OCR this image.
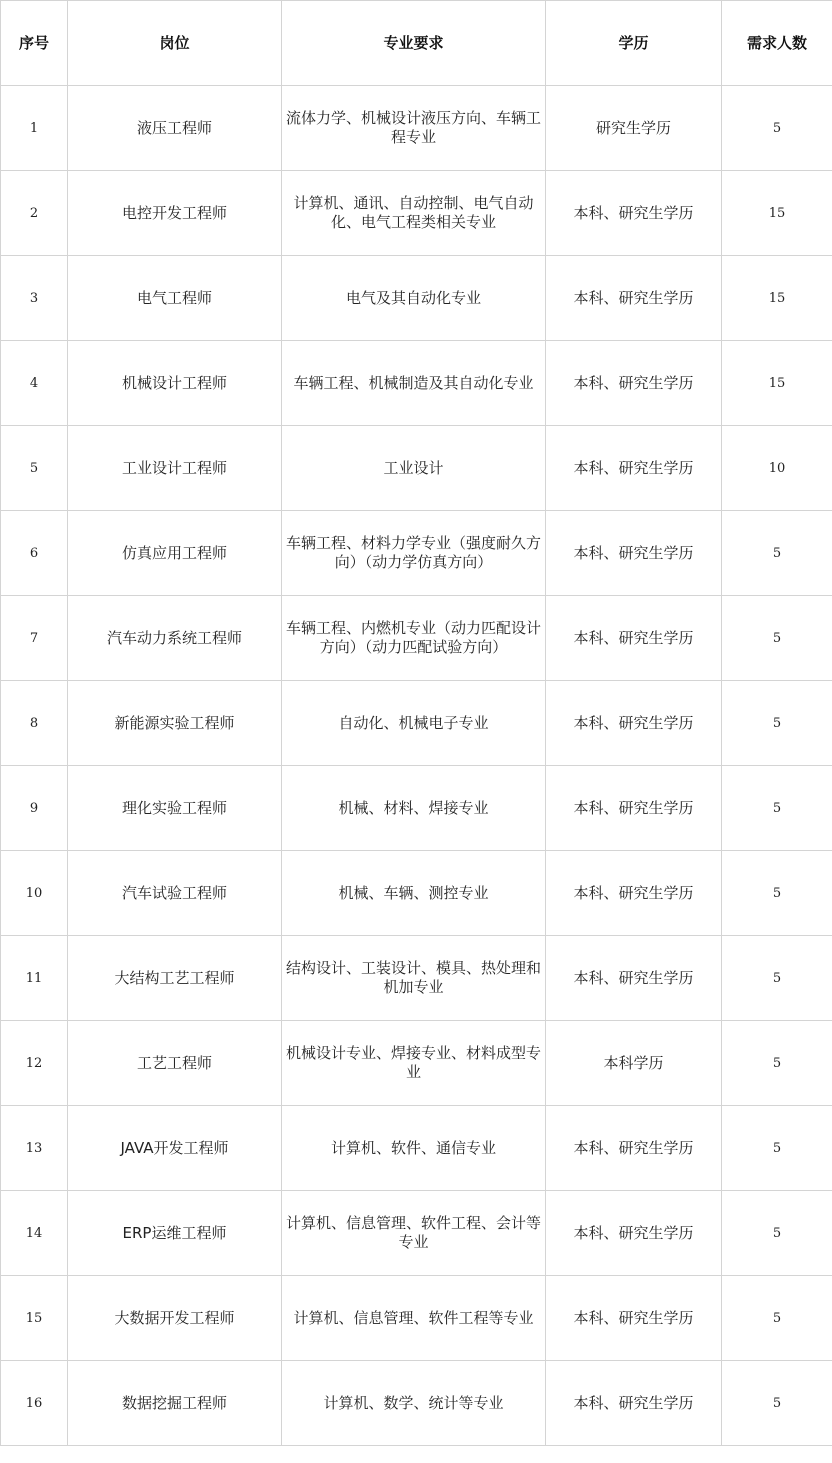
序号	岗位	专业要求	学历	需求人数
1	液压工程师	流体力学、机械设计液压方向、车辆工程专业	研究生学历	5
2	电控开发工程师	计算机、通讯、自动控制、电气自动化、电气工程类相关专业	本科、研究生学历	15
3	电气工程师	电气及其自动化专业	本科、研究生学历	15
4	机械设计工程师	车辆工程、机械制造及其自动化专业	本科、研究生学历	15
5	工业设计工程师	工业设计	本科、研究生学历	10
6	仿真应用工程师	车辆工程、材料力学专业（强度耐久方向）（动力学仿真方向）	本科、研究生学历	5
7	汽车动力系统工程师	车辆工程、内燃机专业（动力匹配设计方向）（动力匹配试验方向）	本科、研究生学历	5
8	新能源实验工程师	自动化、机械电子专业	本科、研究生学历	5
9	理化实验工程师	机械、材料、焊接专业	本科、研究生学历	5
10	汽车试验工程师	机械、车辆、测控专业	本科、研究生学历	5
11	大结构工艺工程师	结构设计、工装设计、模具、热处理和机加专业	本科、研究生学历	5
12	工艺工程师	机械设计专业、焊接专业、材料成型专业	本科学历	5
13	JAVA开发工程师	计算机、软件、通信专业	本科、研究生学历	5
14	ERP运维工程师	计算机、信息管理、软件工程、会计等专业	本科、研究生学历	5
15	大数据开发工程师	计算机、信息管理、软件工程等专业	本科、研究生学历	5
16	数据挖掘工程师	计算机、数学、统计等专业	本科、研究生学历	5
